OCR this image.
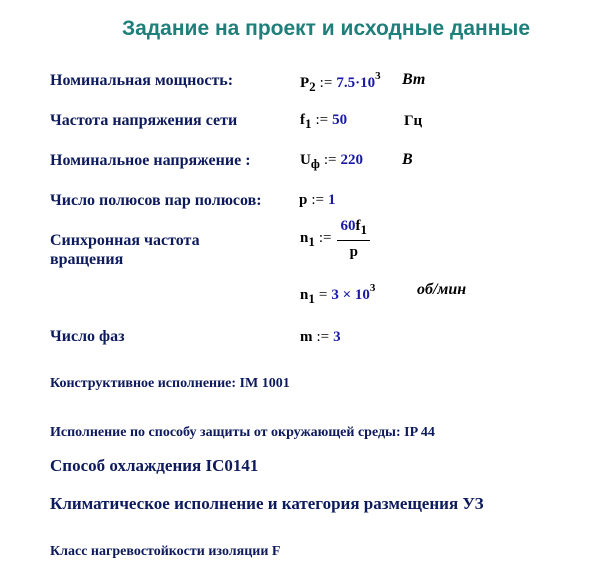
Задание на проект и исходные данные
Номинальная мощность:	$P_2$ := $7.5\cdot 10^3$ Вт
Частота напряжения сети	$f_1$ := 50	Гц
Номинальное напряжение :	$U_ф$ := 220 В
Число полюсов пар полюсов: p := 1
Синхронная частота
вращения
$n_1$ := $\frac{60f_1}{p}$
$n_1 = 3 \times 10^3$	об/мин
Число фаз	m := 3
Конструктивное исполнение: IM 1001
Исполнение по способу защиты от окружающей среды: IP 44
Способ охлаждения IC0141
Климатическое исполнение и категория размещения УЗ
Класс нагревостойкости изоляции F
